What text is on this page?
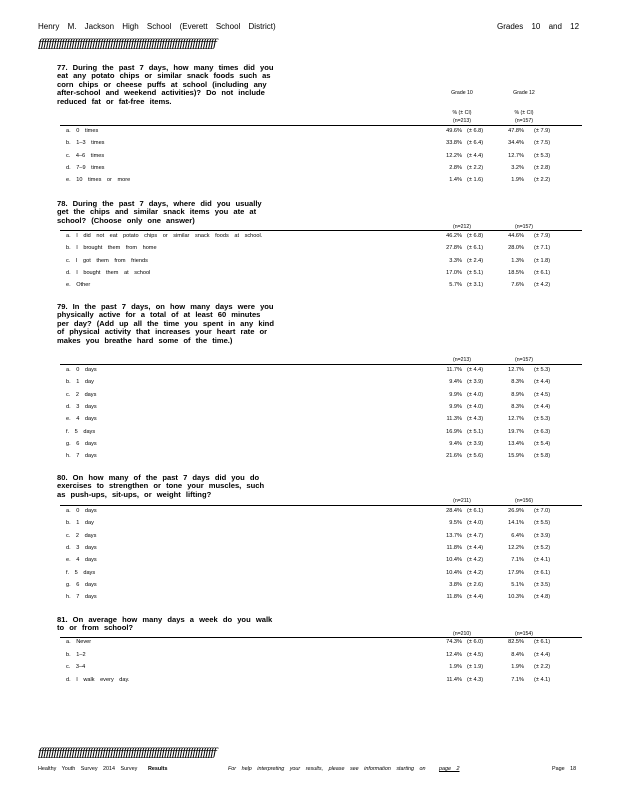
Henry M. Jackson High School (Everett School District)	Grades 10 and 12
ƒƒƒƒƒƒƒƒƒƒƒƒƒƒƒƒƒƒƒƒƒƒƒƒƒƒƒƒƒƒƒƒƒƒƒƒƒƒƒƒƒƒƒƒƒƒƒƒƒƒƒƒƒƒƒƒƒƒƒƒƒƒƒƒƒƒƒƒƒ
77. During the past 7 days, how many times did you eat any potato chips or similar snack foods such as corn chips or cheese puffs at school (including any after-school and weekend activities)? Do not include reduced fat or fat-free items.
Grade 10	Grade 12
% (± CI)	% (± CI)
(n=213)	(n=157)
a. 0 times	49.6% (± 6.8)	47.8% (± 7.9)
b. 1–3 times	33.8% (± 6.4)	34.4% (± 7.5)
c. 4–6 times	12.2% (± 4.4)	12.7% (± 5.3)
d. 7–9 times	2.8% (± 2.2)	3.2% (± 2.8)
e. 10 times or more	1.4% (± 1.6)	1.9% (± 2.2)
78. During the past 7 days, where did you usually get the chips and similar snack items you ate at school? (Choose only one answer)
(n=212)	(n=157)
a. I did not eat potato chips or similar snack foods at school.	46.2% (± 6.8)	44.6% (± 7.9)
b. I brought them from home	27.8% (± 6.1)	28.0% (± 7.1)
c. I got them from friends	3.3% (± 2.4)	1.3% (± 1.8)
d. I bought them at school	17.0% (± 5.1)	18.5% (± 6.1)
e. Other	5.7% (± 3.1)	7.6% (± 4.2)
79. In the past 7 days, on how many days were you physically active for a total of at least 60 minutes per day? (Add up all the time you spent in any kind of physical activity that increases your heart rate or makes you breathe hard some of the time.)
(n=213)	(n=157)
a. 0 days	11.7% (± 4.4)	12.7% (± 5.3)
b. 1 day	9.4% (± 3.9)	8.3% (± 4.4)
c. 2 days	9.9% (± 4.0)	8.9% (± 4.5)
d. 3 days	9.9% (± 4.0)	8.3% (± 4.4)
e. 4 days	11.3% (± 4.3)	12.7% (± 5.3)
f. 5 days	16.9% (± 5.1)	19.7% (± 6.3)
g. 6 days	9.4% (± 3.9)	13.4% (± 5.4)
h. 7 days	21.6% (± 5.6)	15.9% (± 5.8)
80. On how many of the past 7 days did you do exercises to strengthen or tone your muscles, such as push-ups, sit-ups, or weight lifting?
(n=211)	(n=156)
a. 0 days	28.4% (± 6.1)	26.9% (± 7.0)
b. 1 day	9.5% (± 4.0)	14.1% (± 5.5)
c. 2 days	13.7% (± 4.7)	6.4% (± 3.9)
d. 3 days	11.8% (± 4.4)	12.2% (± 5.2)
e. 4 days	10.4% (± 4.2)	7.1% (± 4.1)
f. 5 days	10.4% (± 4.2)	17.9% (± 6.1)
g. 6 days	3.8% (± 2.6)	5.1% (± 3.5)
h. 7 days	11.8% (± 4.4)	10.3% (± 4.8)
81. On average how many days a week do you walk to or from school?
(n=210)	(n=154)
a. Never	74.3% (± 6.0)	82.5% (± 6.1)
b. 1–2	12.4% (± 4.5)	8.4% (± 4.4)
c. 3–4	1.9% (± 1.9)	1.9% (± 2.2)
d. I walk every day.	11.4% (± 4.3)	7.1% (± 4.1)
ƒƒƒƒƒƒƒƒƒƒƒƒƒƒƒƒƒƒƒƒƒƒƒƒƒƒƒƒƒƒƒƒƒƒƒƒƒƒƒƒƒƒƒƒƒƒƒƒƒƒƒƒƒƒƒƒƒƒƒƒƒƒƒƒƒƒƒƒƒ
Healthy Youth Survey 2014 Survey Results	For help interpreting your results, please see information starting on page 2	Page 18
